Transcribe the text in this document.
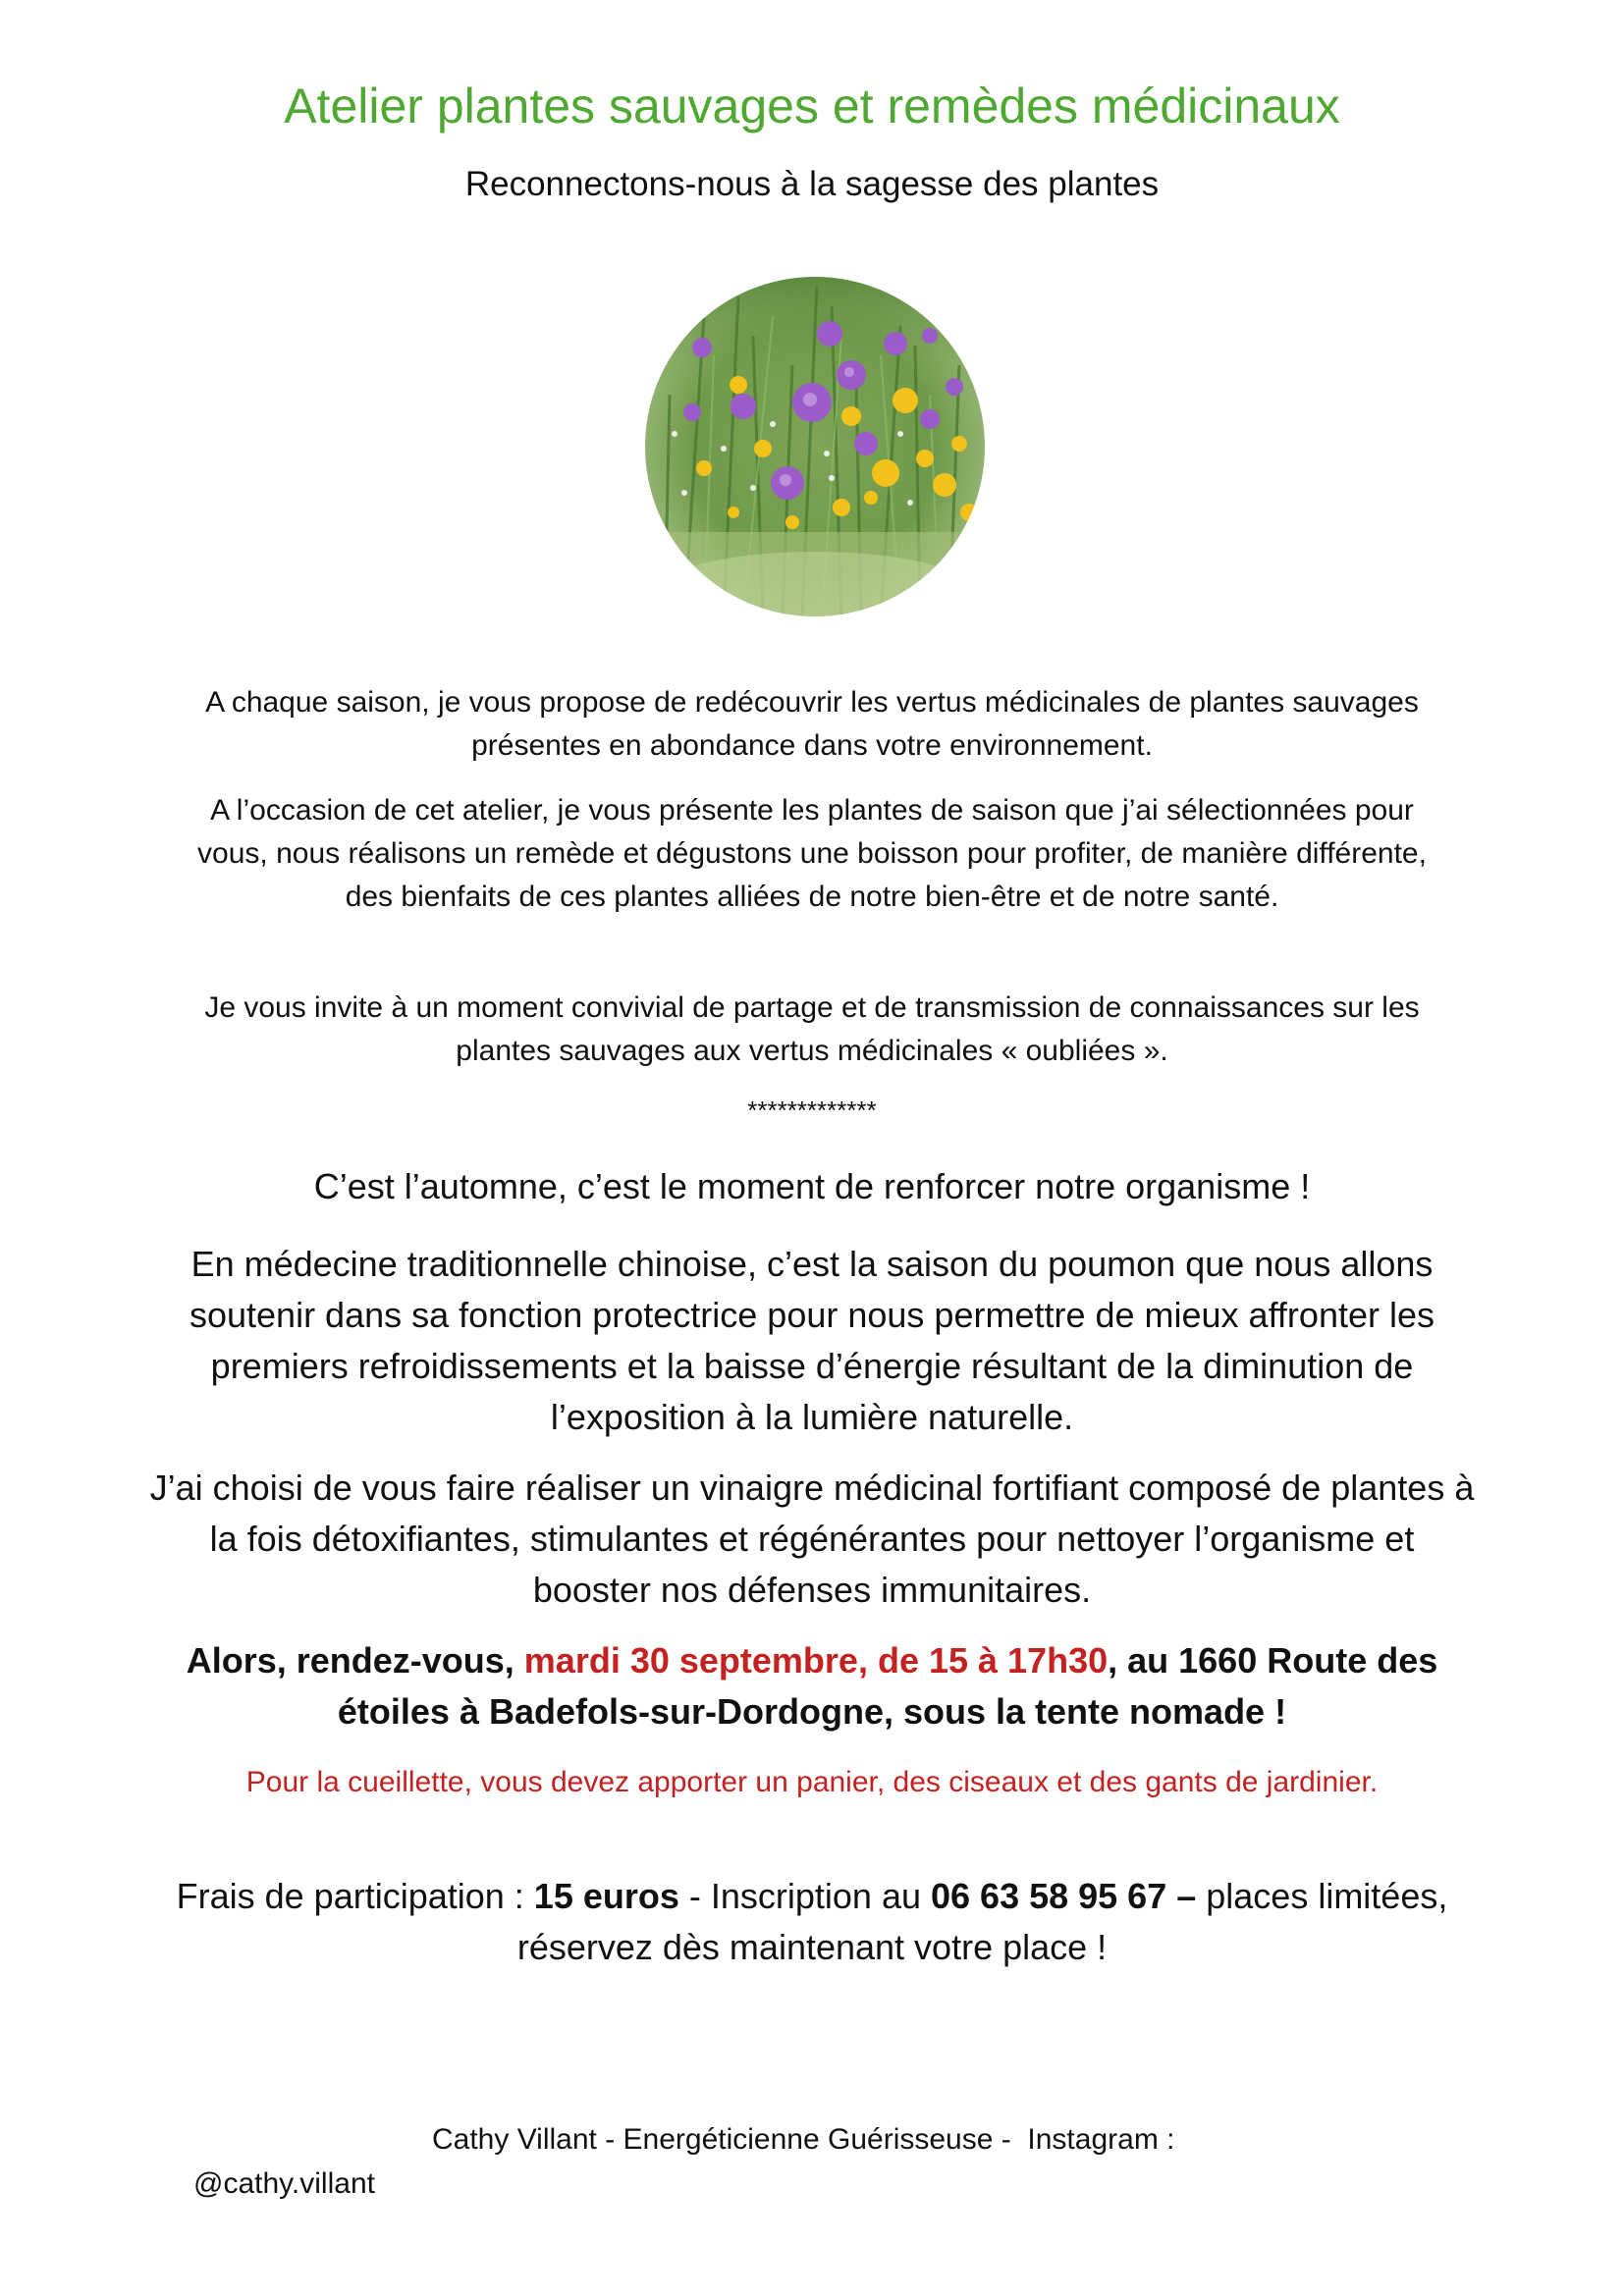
Atelier plantes sauvages et remèdes médicinaux
Reconnectons-nous à la sagesse des plantes

A chaque saison, je vous propose de redécouvrir les vertus médicinales de plantes sauvages présentes en abondance dans votre environnement.

A l’occasion de cet atelier, je vous présente les plantes de saison que j’ai sélectionnées pour vous, nous réalisons un remède et dégustons une boisson pour profiter, de manière différente, des bienfaits de ces plantes alliées de notre bien-être et de notre santé.

Je vous invite à un moment convivial de partage et de transmission de connaissances sur les plantes sauvages aux vertus médicinales « oubliées ».

*************

C’est l’automne, c’est le moment de renforcer notre organisme !

En médecine traditionnelle chinoise, c’est la saison du poumon que nous allons soutenir dans sa fonction protectrice pour nous permettre de mieux affronter les premiers refroidissements et la baisse d’énergie résultant de la diminution de l’exposition à la lumière naturelle.

J’ai choisi de vous faire réaliser un vinaigre médicinal fortifiant composé de plantes à la fois détoxifiantes, stimulantes et régénérantes pour nettoyer l’organisme et booster nos défenses immunitaires.

Alors, rendez-vous, mardi 30 septembre, de 15 à 17h30, au 1660 Route des étoiles à Badefols-sur-Dordogne, sous la tente nomade !

Pour la cueillette, vous devez apporter un panier, des ciseaux et des gants de jardinier.

Frais de participation : 15 euros - Inscription au 06 63 58 95 67 – places limitées, réservez dès maintenant votre place !

Cathy Villant - Energéticienne Guérisseuse -  Instagram :
@cathy.villant
